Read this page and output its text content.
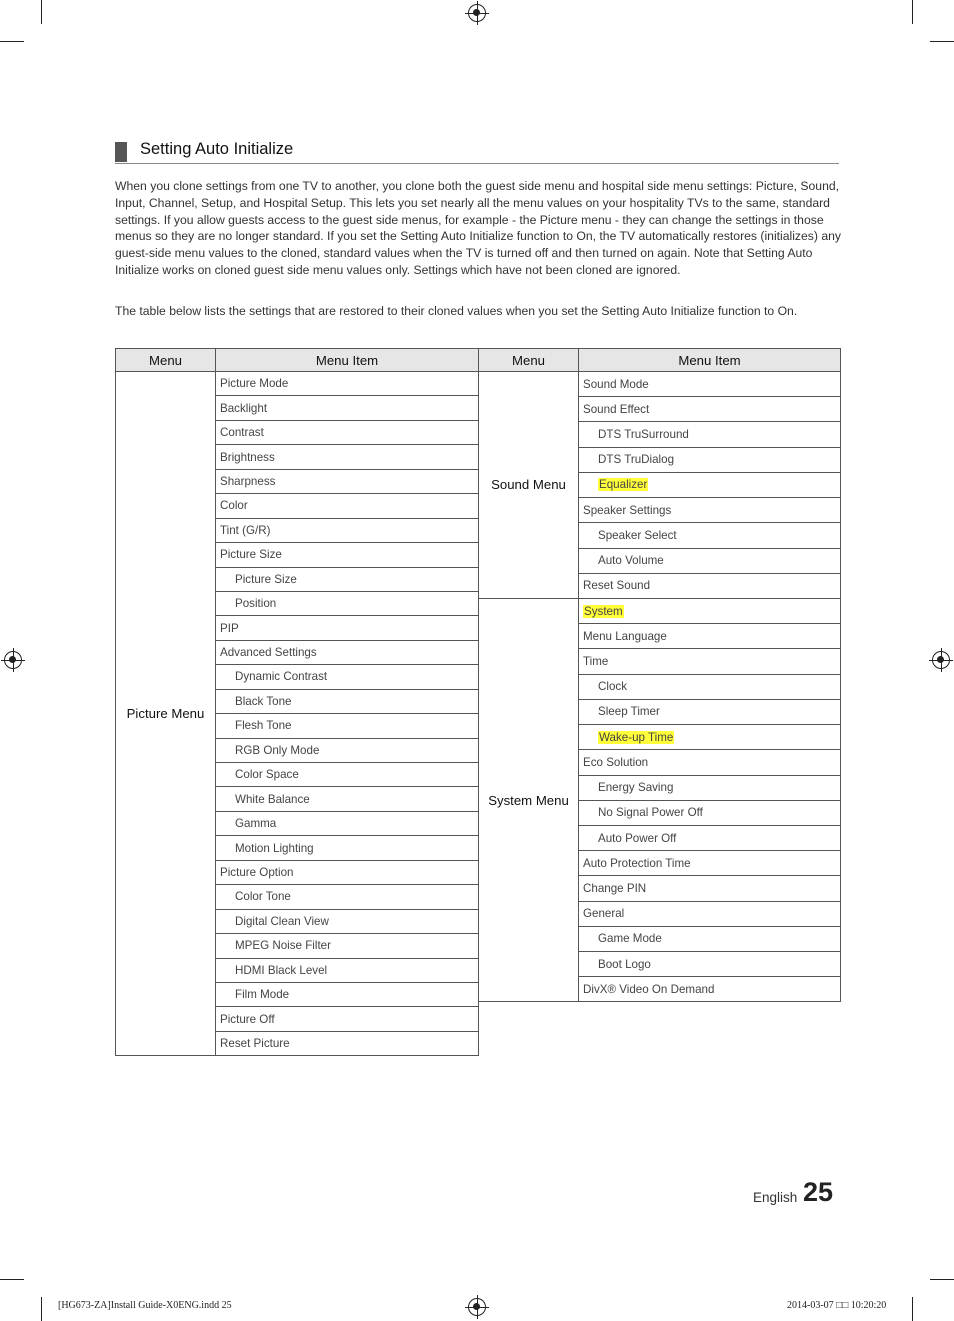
Setting Auto Initialize

When you clone settings from one TV to another, you clone both the guest side menu and hospital side menu settings: Picture, Sound, Input, Channel, Setup, and Hospital Setup. This lets you set nearly all the menu values on your hospitality TVs to the same, standard settings. If you allow guests access to the guest side menus, for example - the Picture menu - they can change the settings in those menus so they are no longer standard. If you set the Setting Auto Initialize function to On, the TV automatically restores (initializes) any guest-side menu values to the cloned, standard values when the TV is turned off and then turned on again. Note that Setting Auto Initialize works on cloned guest side menu values only. Settings which have not been cloned are ignored.

The table below lists the settings that are restored to their cloned values when you set the Setting Auto Initialize function to On.

Menu	Menu Item
Picture Menu	Picture Mode
	Backlight
	Contrast
	Brightness
	Sharpness
	Color
	Tint (G/R)
	Picture Size
	Picture Size
	Position
	PIP
	Advanced Settings
	Dynamic Contrast
	Black Tone
	Flesh Tone
	RGB Only Mode
	Color Space
	White Balance
	Gamma
	Motion Lighting
	Picture Option
	Color Tone
	Digital Clean View
	MPEG Noise Filter
	HDMI Black Level
	Film Mode
	Picture Off
	Reset Picture
Menu	Menu Item
Sound Menu	Sound Mode
	Sound Effect
	DTS TruSurround
	DTS TruDialog
	Equalizer
	Speaker Settings
	Speaker Select
	Auto Volume
	Reset Sound
System Menu	System
	Menu Language
	Time
	Clock
	Sleep Timer
	Wake-up Time
	Eco Solution
	Energy Saving
	No Signal Power Off
	Auto Power Off
	Auto Protection Time
	Change PIN
	General
	Game Mode
	Boot Logo
	DivX® Video On Demand
English 25
[HG673-ZA]Install Guide-X0ENG.indd 25	2014-03-07 □□ 10:20:20
